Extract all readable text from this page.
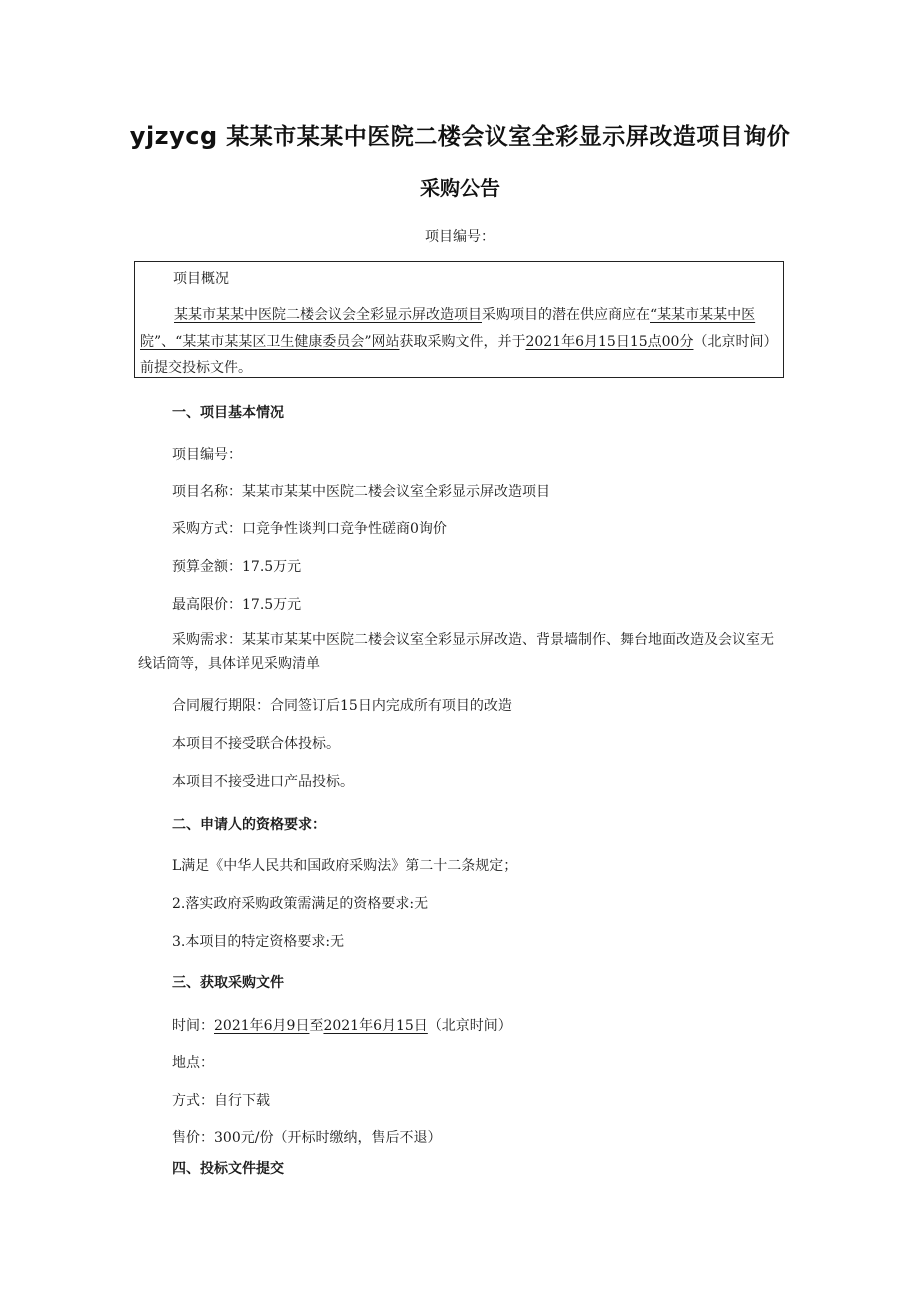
yjzycg 某某市某某中医院二楼会议室全彩显示屏改造项目询价
采购公告
项目编号：
项目概况

某某市某某中医院二楼会议会全彩显示屏改造项目采购项目的潜在供应商应在“某某市某某中医院”、“某某市某某区卫生健康委员会”网站获取采购文件，并于2021年6月15日15点00分（北京时间）前提交投标文件。

一、项目基本情况
项目编号：
项目名称：某某市某某中医院二楼会议室全彩显示屏改造项目
采购方式：口竞争性谈判口竞争性磋商0询价
预算金额：17.5万元
最高限价：17.5万元

采购需求：某某市某某中医院二楼会议室全彩显示屏改造、背景墙制作、舞台地面改造及会议室无线话筒等，具体详见采购清单

合同履行期限：合同签订后15日内完成所有项目的改造
本项目不接受联合体投标。
本项目不接受进口产品投标。
二、申请人的资格要求：
L满足《中华人民共和国政府采购法》第二十二条规定；
2.落实政府采购政策需满足的资格要求:无
3.本项目的特定资格要求:无
三、获取采购文件
时间：2021年6月9日至2021年6月15日（北京时间）
地点：
方式：自行下载
售价：300元/份（开标时缴纳，售后不退）
四、投标文件提交
